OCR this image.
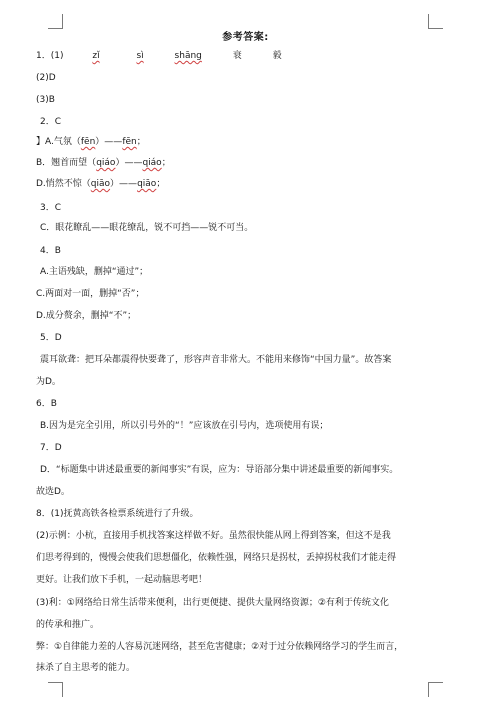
参考答案:
1．(1)	zǐ	sì	shāng	衰	毅
(2)D
(3)B
2．C
】A.气氛（fēn）——fēn；
B．翘首而望（qiáo）——qiáo；
D.悄然不惊（qiāo）——qiāo；
3．C
C．眼花瞭乱——眼花缭乱，锐不可挡——锐不可当。
4．B
A.主语残缺，删掉“通过”；
C.两面对一面，删掉“否”；
D.成分赘余，删掉“不”；
5．D
震耳欲聋：把耳朵都震得快要聋了，形容声音非常大。不能用来修饰“中国力量”。故答案
为D。
6．B
B.因为是完全引用，所以引号外的“！”应该放在引号内，选项使用有误；
7．D
D．“标题集中讲述最重要的新闻事实”有误，应为：导语部分集中讲述最重要的新闻事实。
故选D。
8．(1)抚黄高铁各检票系统进行了升级。
(2)示例：小杭，直接用手机找答案这样做不好。虽然很快能从网上得到答案，但这不是我
们思考得到的，慢慢会使我们思想僵化，依赖性强，网络只是拐杖，丢掉拐杖我们才能走得
更好。让我们放下手机，一起动脑思考吧！
(3)利：①网络给日常生活带来便利，出行更便捷、提供大量网络资源；②有利于传统文化
的传承和推广。
弊：①自律能力差的人容易沉迷网络，甚至危害健康；②对于过分依赖网络学习的学生而言，
抹杀了自主思考的能力。
